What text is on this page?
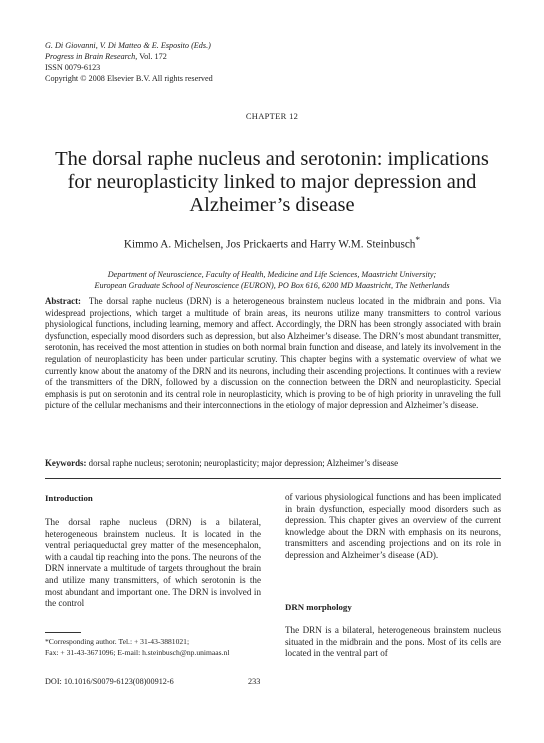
G. Di Giovanni, V. Di Matteo & E. Esposito (Eds.)
Progress in Brain Research, Vol. 172
ISSN 0079-6123
Copyright © 2008 Elsevier B.V. All rights reserved
CHAPTER 12
The dorsal raphe nucleus and serotonin: implications
for neuroplasticity linked to major depression and
Alzheimer’s disease
Kimmo A. Michelsen, Jos Prickaerts and Harry W.M. Steinbusch*
Department of Neuroscience, Faculty of Health, Medicine and Life Sciences, Maastricht University;
European Graduate School of Neuroscience (EURON), PO Box 616, 6200 MD Maastricht, The Netherlands
Abstract: The dorsal raphe nucleus (DRN) is a heterogeneous brainstem nucleus located in the midbrain and pons. Via widespread projections, which target a multitude of brain areas, its neurons utilize many transmitters to control various physiological functions, including learning, memory and affect. Accordingly, the DRN has been strongly associated with brain dysfunction, especially mood disorders such as depression, but also Alzheimer’s disease. The DRN’s most abundant transmitter, serotonin, has received the most attention in studies on both normal brain function and disease, and lately its involvement in the regulation of neuroplasticity has been under particular scrutiny. This chapter begins with a systematic overview of what we currently know about the anatomy of the DRN and its neurons, including their ascending projections. It continues with a review of the transmitters of the DRN, followed by a discussion on the connection between the DRN and neuroplasticity. Special emphasis is put on serotonin and its central role in neuroplasticity, which is proving to be of high priority in unraveling the full picture of the cellular mechanisms and their interconnections in the etiology of major depression and Alzheimer’s disease.
Keywords: dorsal raphe nucleus; serotonin; neuroplasticity; major depression; Alzheimer’s disease
Introduction
The dorsal raphe nucleus (DRN) is a bilateral, heterogeneous brainstem nucleus. It is located in the ventral periaqueductal grey matter of the mesencephalon, with a caudal tip reaching into the pons. The neurons of the DRN innervate a multitude of targets throughout the brain and utilize many transmitters, of which serotonin is the most abundant and important one. The DRN is involved in the control
of various physiological functions and has been implicated in brain dysfunction, especially mood disorders such as depression. This chapter gives an overview of the current knowledge about the DRN with emphasis on its neurons, transmitters and ascending projections and on its role in depression and Alzheimer’s disease (AD).
DRN morphology
The DRN is a bilateral, heterogeneous brainstem nucleus situated in the midbrain and the pons. Most of its cells are located in the ventral part of
*Corresponding author. Tel.: + 31-43-3881021;
Fax: + 31-43-3671096; E-mail: h.steinbusch@np.unimaas.nl
DOI: 10.1016/S0079-6123(08)00912-6	233
